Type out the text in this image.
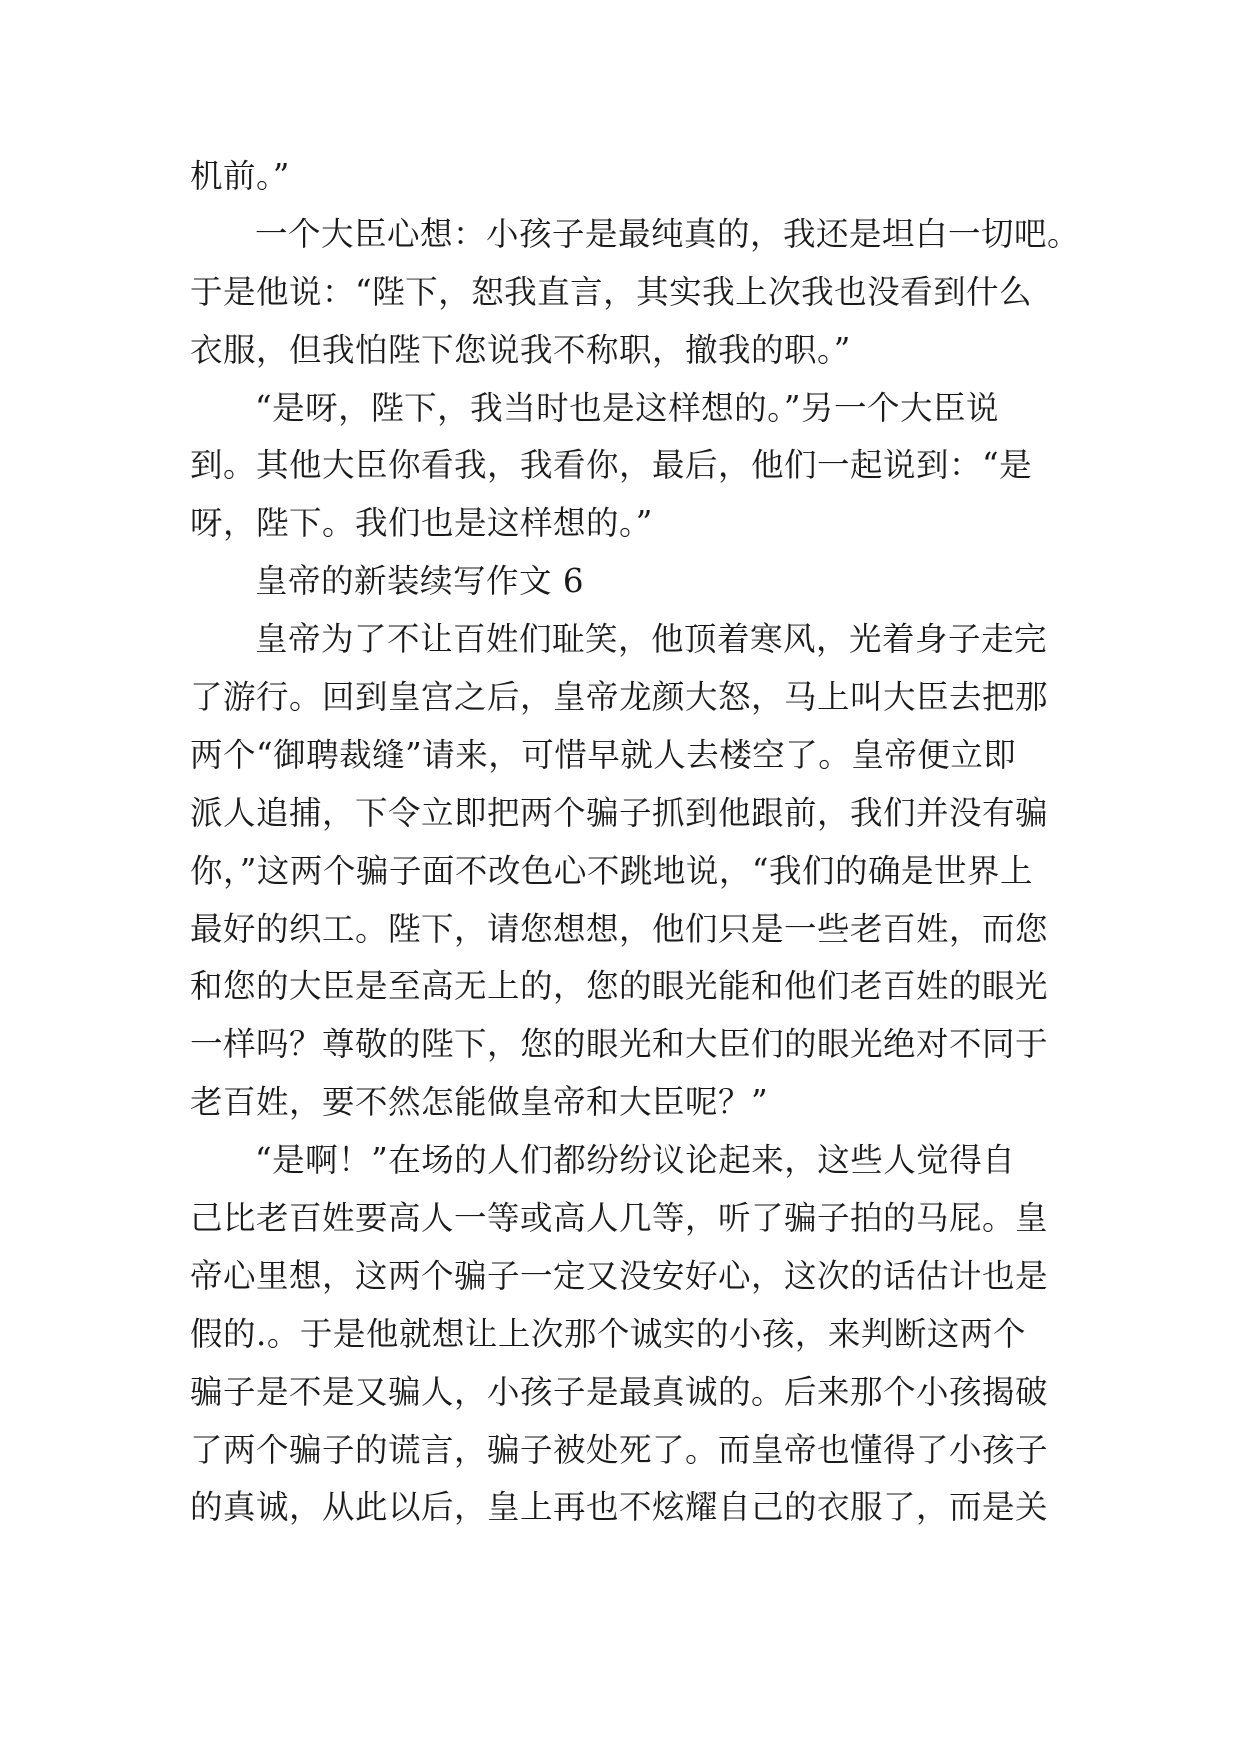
机前。”
一个大臣心想：小孩子是最纯真的，我还是坦白一切吧。
于是他说：“陛下，恕我直言，其实我上次我也没看到什么
衣服，但我怕陛下您说我不称职，撤我的职。”
“是呀，陛下，我当时也是这样想的。”另一个大臣说
到。其他大臣你看我，我看你，最后，他们一起说到：“是
呀，陛下。我们也是这样想的。”
皇帝的新装续写作文 6
皇帝为了不让百姓们耻笑，他顶着寒风，光着身子走完
了游行。回到皇宫之后，皇帝龙颜大怒，马上叫大臣去把那
两个“御聘裁缝”请来，可惜早就人去楼空了。皇帝便立即
派人追捕，下令立即把两个骗子抓到他跟前，我们并没有骗
你，”这两个骗子面不改色心不跳地说，“我们的确是世界上
最好的织工。陛下，请您想想，他们只是一些老百姓，而您
和您的大臣是至高无上的，您的眼光能和他们老百姓的眼光
一样吗？尊敬的陛下，您的眼光和大臣们的眼光绝对不同于
老百姓，要不然怎能做皇帝和大臣呢？”
“是啊！”在场的人们都纷纷议论起来，这些人觉得自
己比老百姓要高人一等或高人几等，听了骗子拍的马屁。皇
帝心里想，这两个骗子一定又没安好心，这次的话估计也是
假的.。于是他就想让上次那个诚实的小孩，来判断这两个
骗子是不是又骗人，小孩子是最真诚的。后来那个小孩揭破
了两个骗子的谎言，骗子被处死了。而皇帝也懂得了小孩子
的真诚，从此以后，皇上再也不炫耀自己的衣服了，而是关
